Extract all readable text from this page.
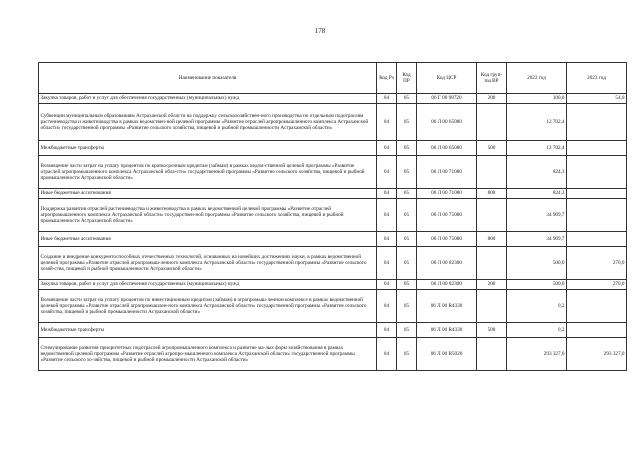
178
Наименование показателя	Код Рз	Код ПР	Код ЦСР	Код груп-пы ВР	2022 год	2023 год
Закупка товаров, работ и услуг для обеспечения государственных (муниципальных) нужд	04	05	06 Г 00 98720	200	100,0	54,0
Субвенции муниципальным образованиям Астраханской области на поддержку сельскохозяйствен-ного производства по отдельным подотраслям растениеводства и животноводства в рамках ведомствен-ной целевой программы «Развитие отраслей агропромышленного комплекса Астраханской области» государственной программы «Развитие сельского хозяйства, пищевой и рыбной промышленности Астраханской области»	04	05	06 Л 00 65080		12 702,4	
Межбюджетные трансферты	04	05	06 Л 00 65080	500	12 702,4	
Возмещение части затрат на уплату процентов по краткосрочным кредитам (займам) в рамках ведом-ственной целевой программы «Развитие отраслей агропромышленного комплекса Астраханской обла-сти» государственной программы «Развитие сельского хозяйства, пищевой и рыбной промышленности Астраханской области»	04	05	06 Л 00 71080		824,3	
Иные бюджетные ассигнования	04	05	06 Л 00 71080	800	824,3	
Поддержка развития отраслей растениеводства и животноводства в рамках ведомственной целевой программы «Развитие отраслей агропромышленного комплекса Астраханской области» государствен-ной программы «Развитие сельского хозяйства, пищевой и рыбной промышленности Астраханской области»	04	05	06 Л 00 75080		34 909,7	
Иные бюджетные ассигнования	04	05	06 Л 00 75080	800	34 909,7	
Создание и внедрение конкурентоспособных отечественных технологий, основанных на новейших достижениях науки, в рамках ведомственной целевой программы «Развитие отраслей агропромыш-ленного комплекса Астраханской области» государственной программы «Развитие сельского хозяй-ства, пищевой и рыбной промышленности Астраханской области»	04	05	06 Л 00 82300		500,0	270,0
Закупка товаров, работ и услуг для обеспечения государственных (муниципальных) нужд	04	05	06 Л 00 82300	200	500,0	270,0
Возмещение части затрат на уплату процентов по инвестиционным кредитам (займам) в агропромыш-ленном комплексе в рамках ведомственной целевой программы «Развитие отраслей агропромышлен-ного комплекса Астраханской области» государственной программы «Развитие сельского хозяйства, пищевой и рыбной промышленности Астраханской области»	04	05	06 Л 00 R4330		0,2	
Межбюджетные трансферты	04	05	06 Л 00 R4330	500	0,2	
Стимулирование развития приоритетных подотраслей агропромышленного комплекса и развитие ма-лых форм хозяйствования в рамках ведомственной целевой программы «Развитие отраслей агропро-мышленного комплекса Астраханской области» государственной программы «Развитие сельского хо-зяйства, пищевой и рыбной промышленности Астраханской области»	04	05	06 Л 00 R5020		293 327,0	293 327,0
